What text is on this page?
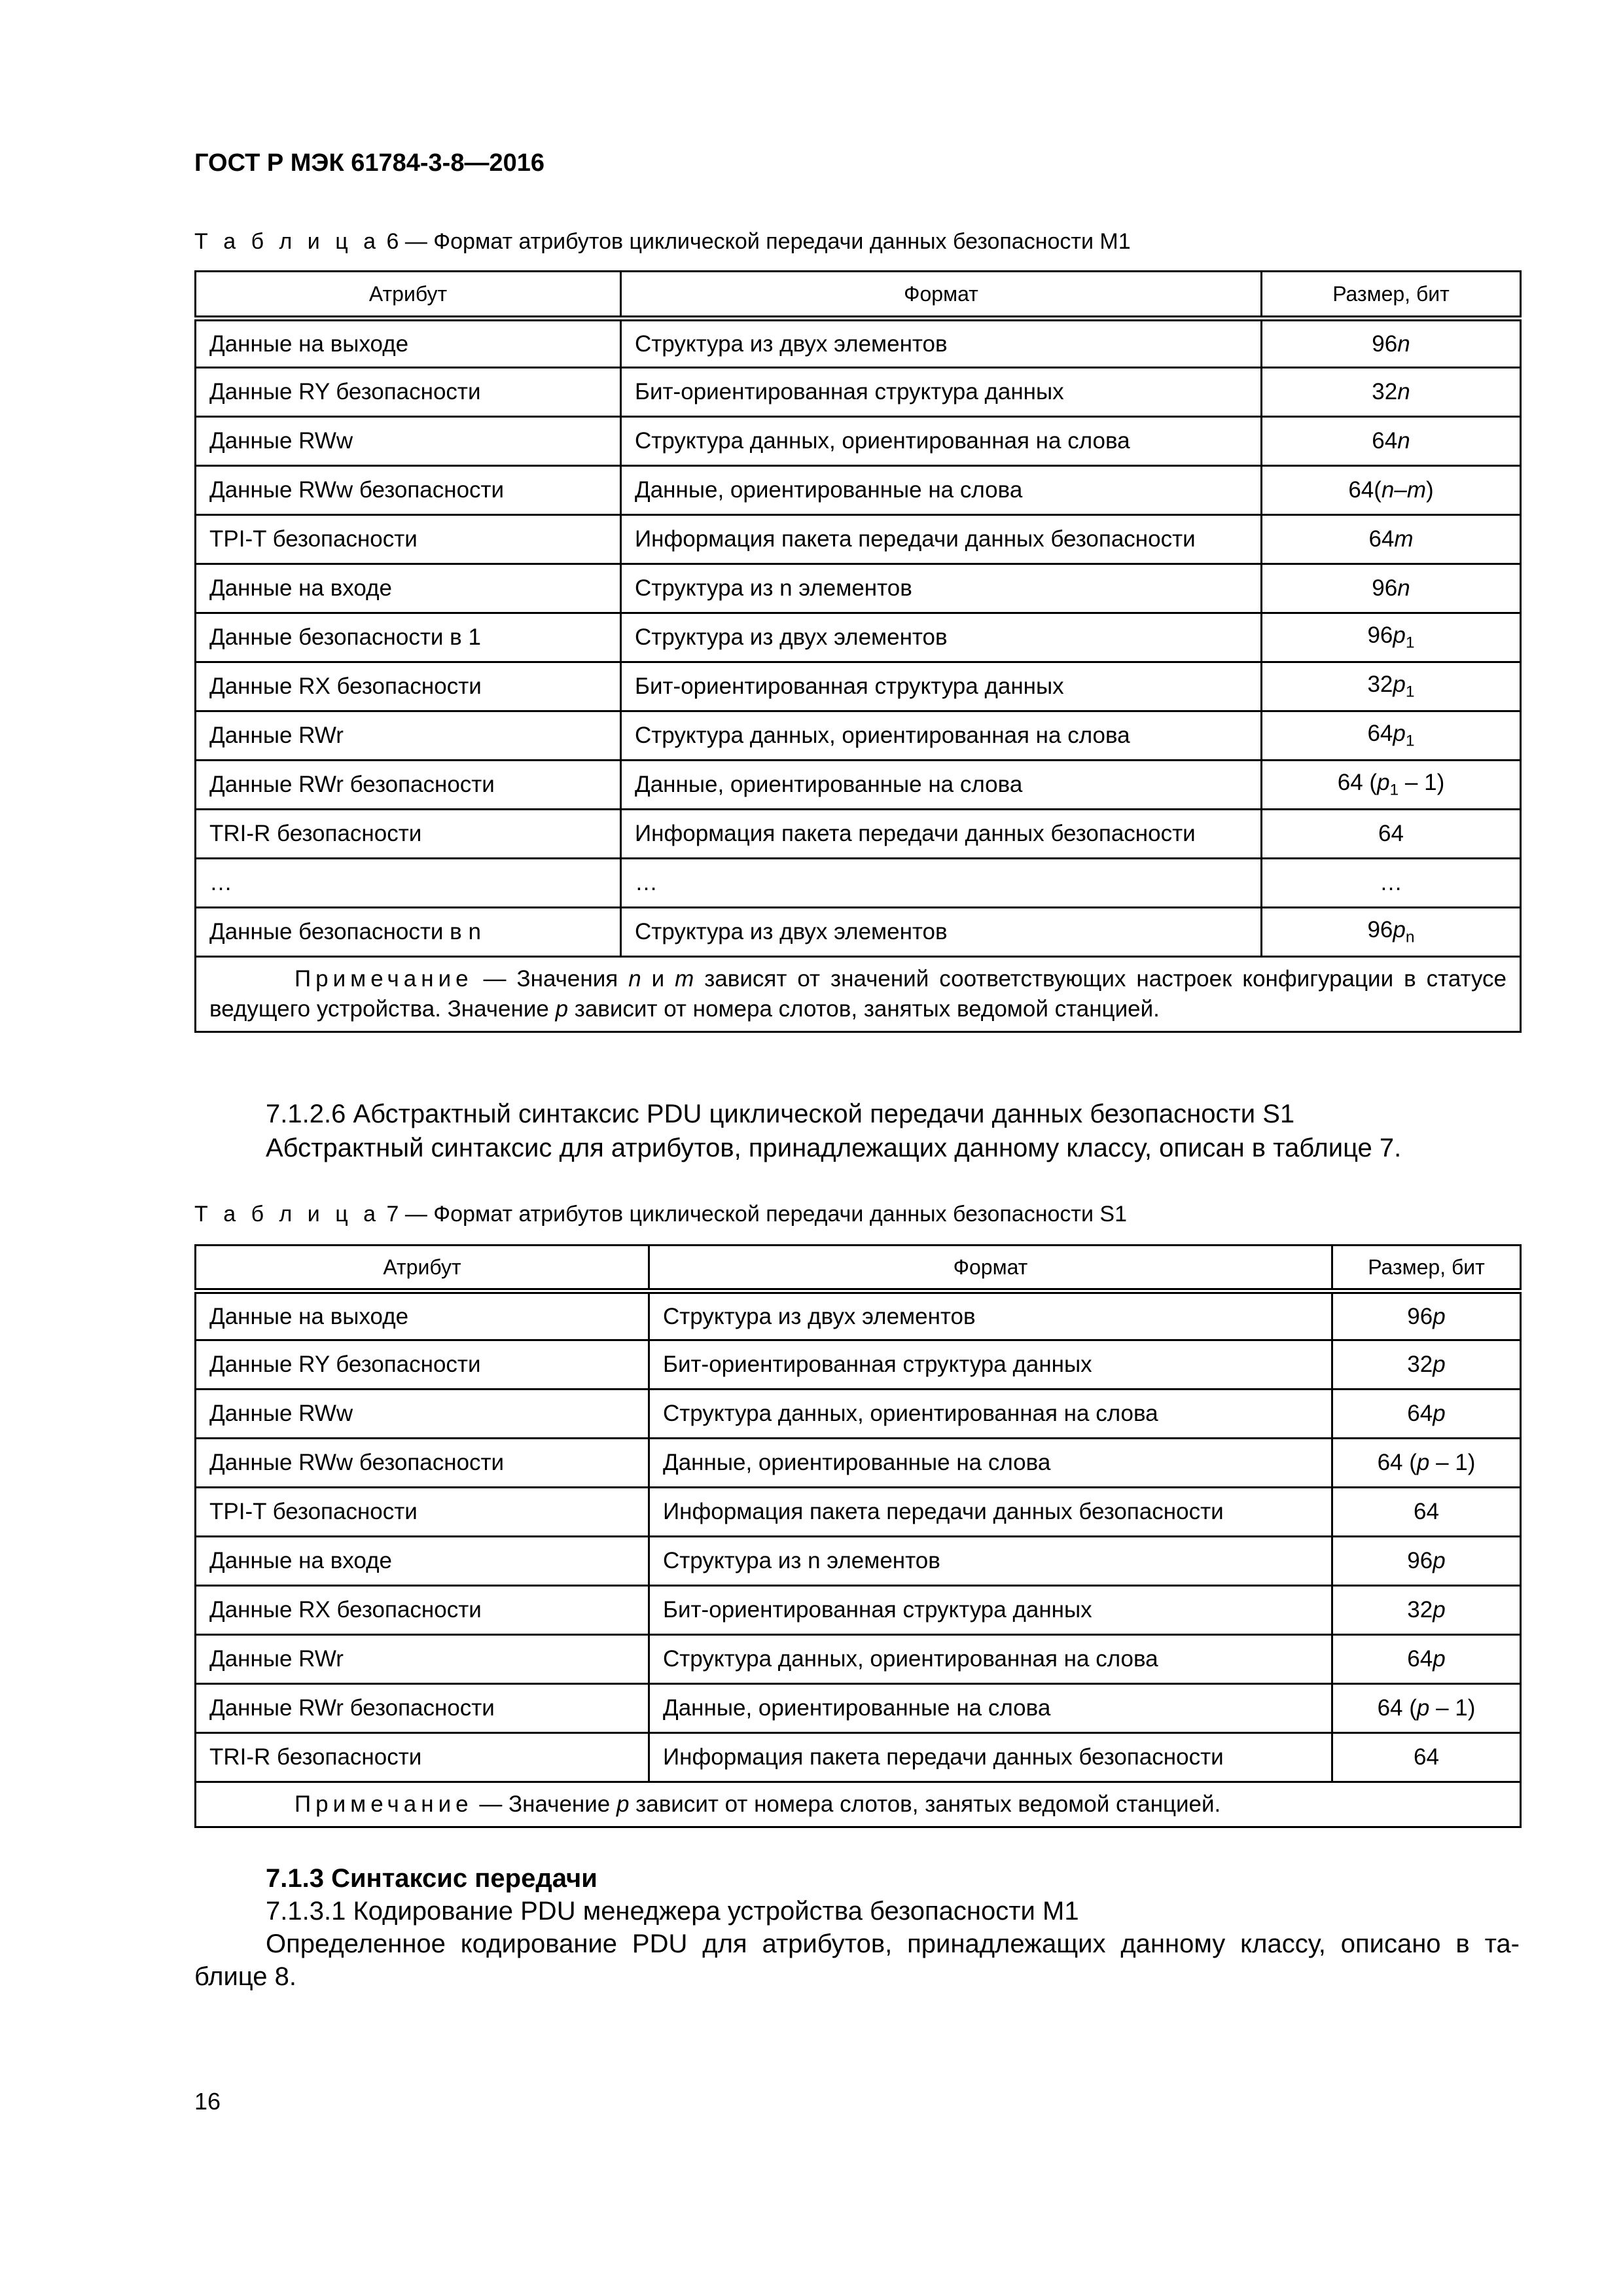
ГОСТ Р МЭК 61784-3-8—2016
Т а б л и ц а 6 — Формат атрибутов циклической передачи данных безопасности М1
Атрибут	Формат	Размер, бит
Данные на выходе	Структура из двух элементов	96n
Данные RY безопасности	Бит-ориентированная структура данных	32n
Данные RWw	Структура данных, ориентированная на слова	64n
Данные RWw безопасности	Данные, ориентированные на слова	64(n–m)
TPI-T безопасности	Информация пакета передачи данных безопасности	64m
Данные на входе	Структура из n элементов	96n
Данные безопасности в 1	Структура из двух элементов	$96p_1$
Данные RX безопасности	Бит-ориентированная структура данных	$32p_1$
Данные RWr	Структура данных, ориентированная на слова	$64p_1$
Данные RWr безопасности	Данные, ориентированные на слова	64 $(p_1 - 1)$
TRI-R безопасности	Информация пакета передачи данных безопасности	64
…	…	…
Данные безопасности в n	Структура из двух элементов	$96p_n$
Примечание — Значения n и m зависят от значений соответствующих настроек конфигурации в статусе ведущего устройства. Значение p зависит от номера слотов, занятых ведомой станцией.		
7.1.2.6 Абстрактный синтаксис PDU циклической передачи данных безопасности S1
Абстрактный синтаксис для атрибутов, принадлежащих данному классу, описан в таблице 7.
Т а б л и ц а 7 — Формат атрибутов циклической передачи данных безопасности S1
Атрибут	Формат	Размер, бит
Данные на выходе	Структура из двух элементов	96p
Данные RY безопасности	Бит-ориентированная структура данных	32p
Данные RWw	Структура данных, ориентированная на слова	64p
Данные RWw безопасности	Данные, ориентированные на слова	64 (p – 1)
TPI-T безопасности	Информация пакета передачи данных безопасности	64
Данные на входе	Структура из n элементов	96p
Данные RX безопасности	Бит-ориентированная структура данных	32p
Данные RWr	Структура данных, ориентированная на слова	64p
Данные RWr безопасности	Данные, ориентированные на слова	64 (p – 1)
TRI-R безопасности	Информация пакета передачи данных безопасности	64
Примечание — Значение p зависит от номера слотов, занятых ведомой станцией.		
7.1.3 Синтаксис передачи
7.1.3.1 Кодирование PDU менеджера устройства безопасности М1
Определенное кодирование PDU для атрибутов, принадлежащих данному классу, описано в та-
блице 8.
16
